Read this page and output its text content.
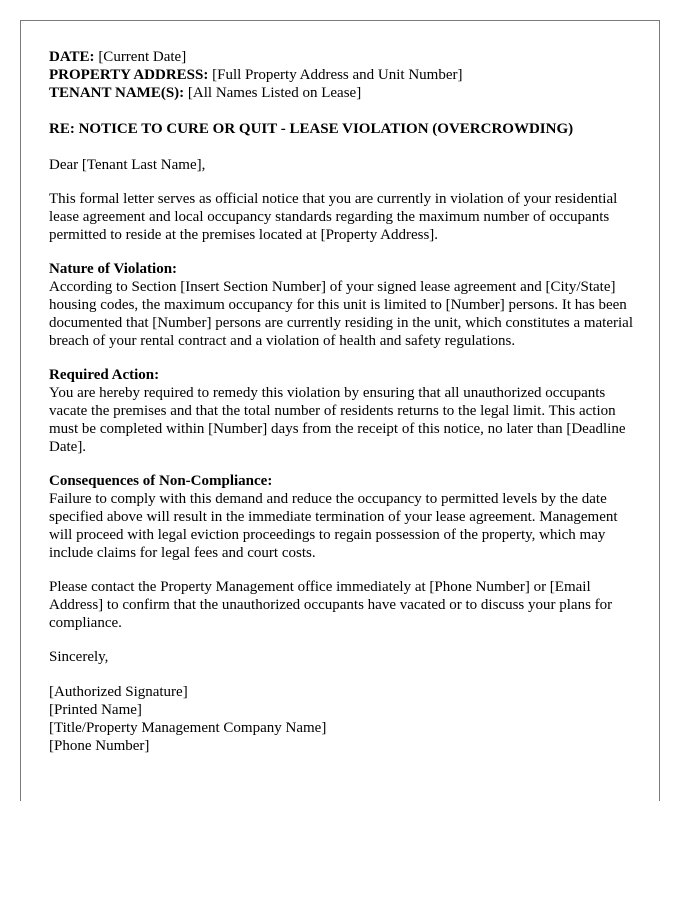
DATE: [Current Date]
PROPERTY ADDRESS: [Full Property Address and Unit Number]
TENANT NAME(S): [All Names Listed on Lease]
RE: NOTICE TO CURE OR QUIT - LEASE VIOLATION (OVERCROWDING)

Dear [Tenant Last Name],

This formal letter serves as official notice that you are currently in violation of your residential lease agreement and local occupancy standards regarding the maximum number of occupants permitted to reside at the premises located at [Property Address].

Nature of Violation:
According to Section [Insert Section Number] of your signed lease agreement and [City/State] housing codes, the maximum occupancy for this unit is limited to [Number] persons. It has been documented that [Number] persons are currently residing in the unit, which constitutes a material breach of your rental contract and a violation of health and safety regulations.
Required Action:
You are hereby required to remedy this violation by ensuring that all unauthorized occupants vacate the premises and that the total number of residents returns to the legal limit. This action must be completed within [Number] days from the receipt of this notice, no later than [Deadline Date].
Consequences of Non-Compliance:
Failure to comply with this demand and reduce the occupancy to permitted levels by the date specified above will result in the immediate termination of your lease agreement. Management will proceed with legal eviction proceedings to regain possession of the property, which may include claims for legal fees and court costs.

Please contact the Property Management office immediately at [Phone Number] or [Email Address] to confirm that the unauthorized occupants have vacated or to discuss your plans for compliance.

Sincerely,

[Authorized Signature]
[Printed Name]
[Title/Property Management Company Name]
[Phone Number]
